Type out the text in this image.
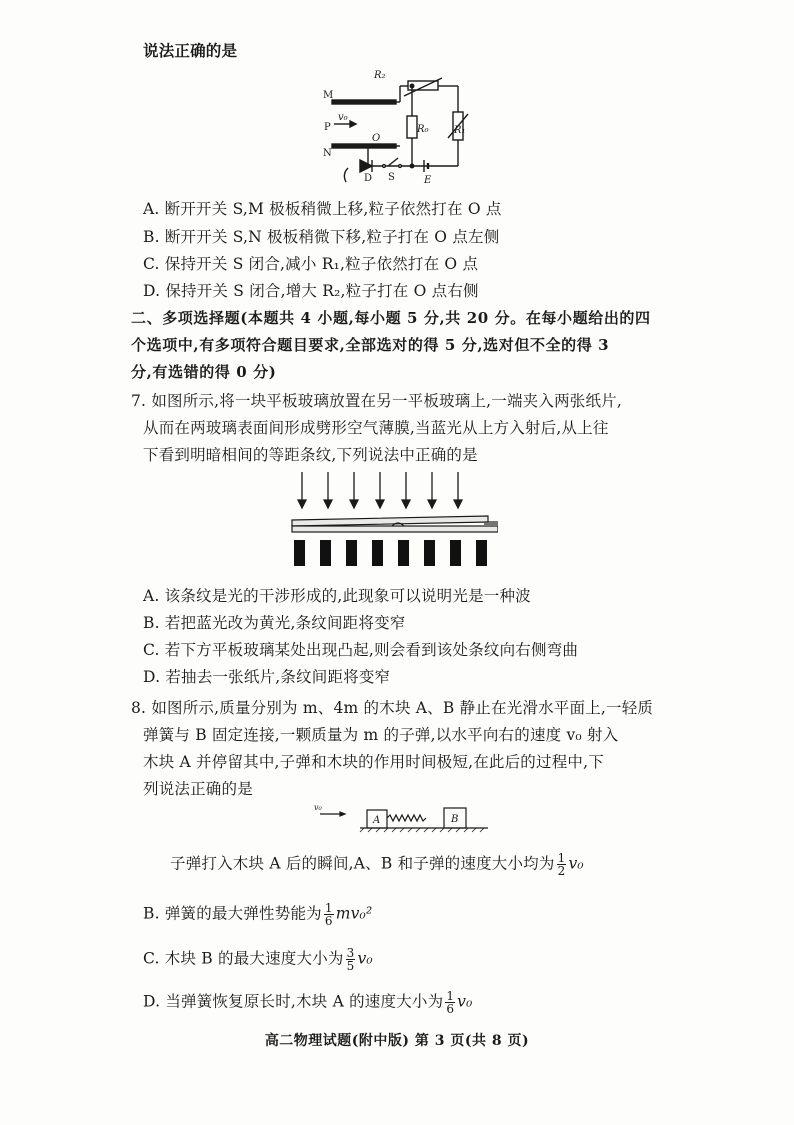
说法正确的是
R₂
M
v₀
P
O
N
R₀	R₁
D S	E
A. 断开开关 S,M 极板稍微上移,粒子依然打在 O 点
B. 断开开关 S,N 极板稍微下移,粒子打在 O 点左侧
C. 保持开关 S 闭合,减小 R₁,粒子依然打在 O 点
D. 保持开关 S 闭合,增大 R₂,粒子打在 O 点右侧
二、多项选择题(本题共 4 小题,每小题 5 分,共 20 分。在每小题给出的四
个选项中,有多项符合题目要求,全部选对的得 5 分,选对但不全的得 3
分,有选错的得 0 分)
7. 如图所示,将一块平板玻璃放置在另一平板玻璃上,一端夹入两张纸片,
从而在两玻璃表面间形成劈形空气薄膜,当蓝光从上方入射后,从上往
下看到明暗相间的等距条纹,下列说法中正确的是
A. 该条纹是光的干涉形成的,此现象可以说明光是一种波
B. 若把蓝光改为黄光,条纹间距将变窄
C. 若下方平板玻璃某处出现凸起,则会看到该处条纹向右侧弯曲
D. 若抽去一张纸片,条纹间距将变窄
8. 如图所示,质量分别为 m、4m 的木块 A、B 静止在光滑水平面上,一轻质
弹簧与 B 固定连接,一颗质量为 m 的子弹,以水平向右的速度 v₀ 射入
木块 A 并停留其中,子弹和木块的作用时间极短,在此后的过程中,下
列说法正确的是
A	B
v₀
子弹打入木块 A 后的瞬间,A、B 和子弹的速度大小均为 $\frac{1}{2} v_0$
B. 弹簧的最大弹性势能为 $\frac{1}{6} mv_0^2$
C. 木块 B 的最大速度大小为 $\frac{3}{5} v_0$
D. 当弹簧恢复原长时,木块 A 的速度大小为 $\frac{1}{6} v_0$
高二物理试题(附中版) 第 3 页(共 8 页)
